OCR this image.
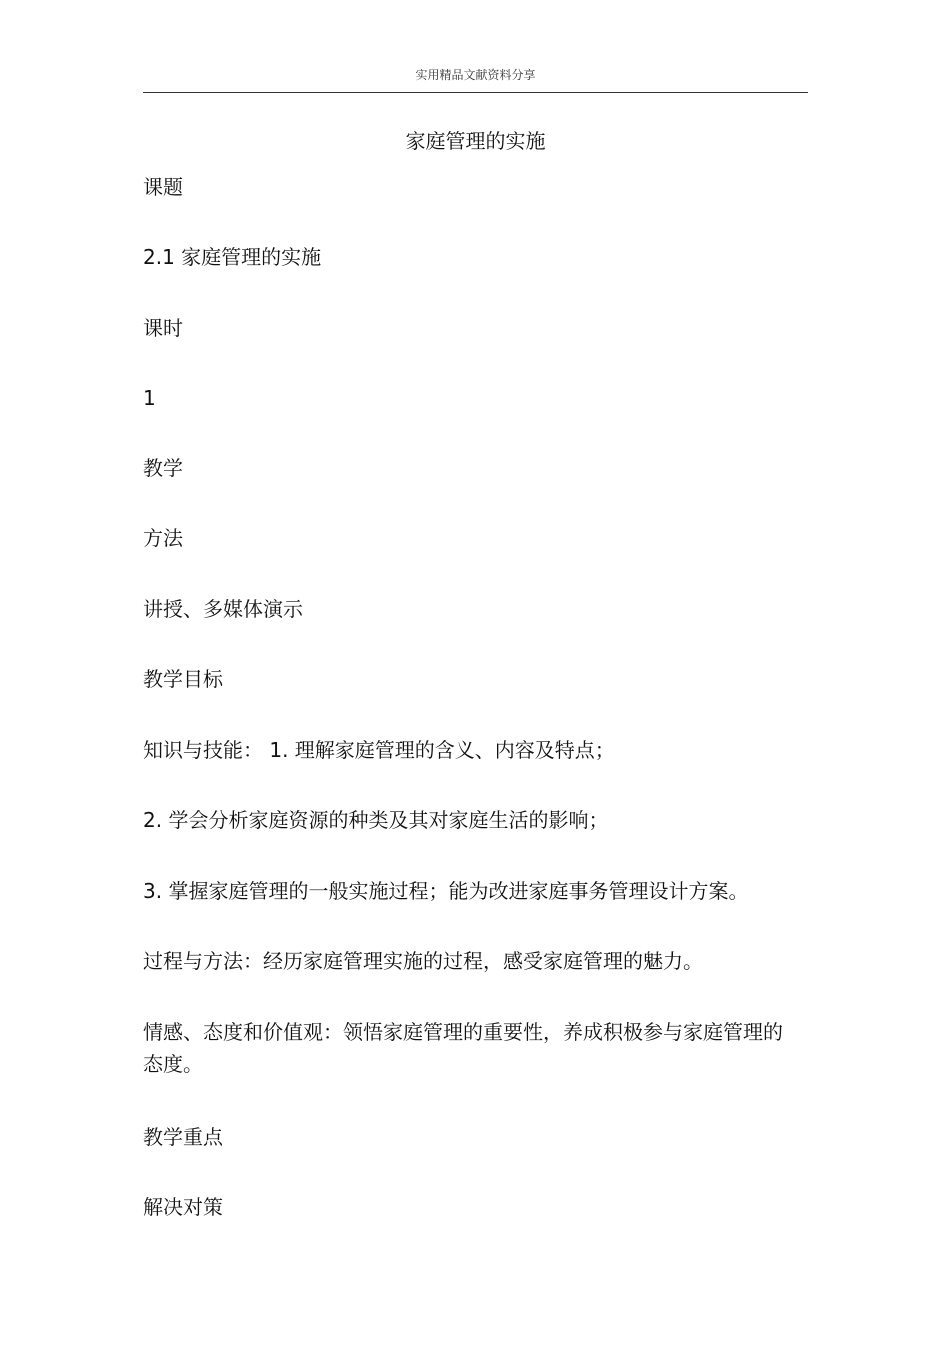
实用精品文献资料分享
家庭管理的实施
课题
2.1 家庭管理的实施
课时
1
教学
方法
讲授、多媒体演示
教学目标
知识与技能： 1. 理解家庭管理的含义、内容及特点；
2. 学会分析家庭资源的种类及其对家庭生活的影响；
3. 掌握家庭管理的一般实施过程；能为改进家庭事务管理设计方案。
过程与方法：经历家庭管理实施的过程，感受家庭管理的魅力。
情感、态度和价值观：领悟家庭管理的重要性，养成积极参与家庭管理的态度。
教学重点
解决对策
